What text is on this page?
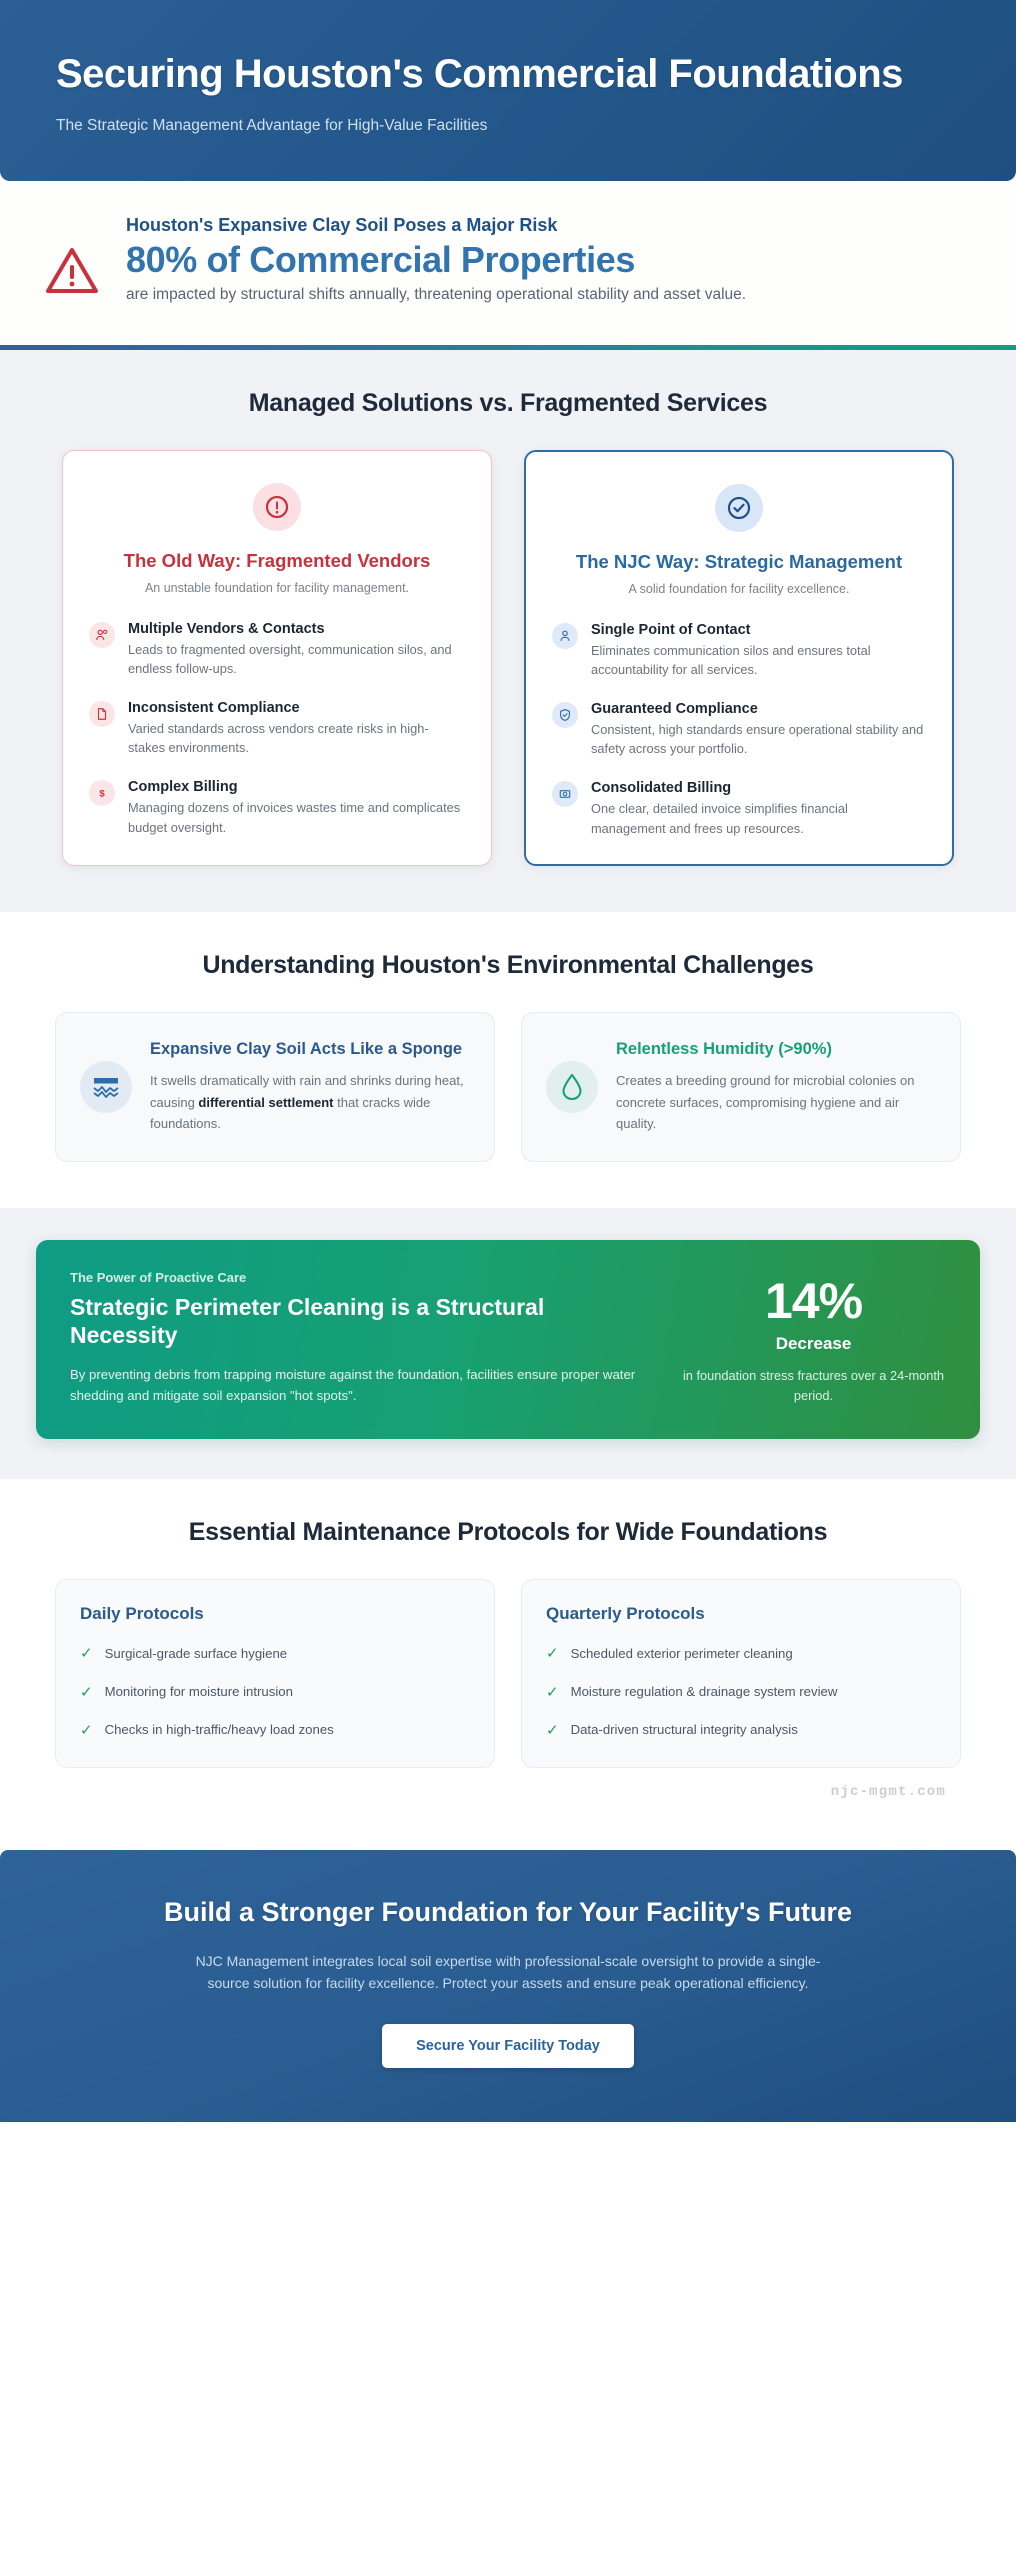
Securing Houston's Commercial Foundations
The Strategic Management Advantage for High-Value Facilities
Houston's Expansive Clay Soil Poses a Major Risk
80% of Commercial Properties
are impacted by structural shifts annually, threatening operational stability and asset value.
Managed Solutions vs. Fragmented Services
The Old Way: Fragmented Vendors
An unstable foundation for facility management.
Multiple Vendors & Contacts
Leads to fragmented oversight, communication silos, and endless follow-ups.
Inconsistent Compliance
Varied standards across vendors create risks in high-stakes environments.
$ Complex Billing
Managing dozens of invoices wastes time and complicates budget oversight.
The NJC Way: Strategic Management
A solid foundation for facility excellence.
Single Point of Contact
Eliminates communication silos and ensures total accountability for all services.
Guaranteed Compliance
Consistent, high standards ensure operational stability and safety across your portfolio.
Consolidated Billing
One clear, detailed invoice simplifies financial management and frees up resources.
Understanding Houston's Environmental Challenges
Expansive Clay Soil Acts Like a Sponge
It swells dramatically with rain and shrinks during heat, causing differential settlement that cracks wide foundations.
Relentless Humidity (>90%)
Creates a breeding ground for microbial colonies on concrete surfaces, compromising hygiene and air quality.
The Power of Proactive Care
Strategic Perimeter Cleaning is a Structural Necessity
By preventing debris from trapping moisture against the foundation, facilities ensure proper water shedding and mitigate soil expansion "hot spots".
14%
Decrease
in foundation stress fractures over a 24-month period.
Essential Maintenance Protocols for Wide Foundations
Daily Protocols
✓ Surgical-grade surface hygiene
✓ Monitoring for moisture intrusion
✓ Checks in high-traffic/heavy load zones
Quarterly Protocols
✓ Scheduled exterior perimeter cleaning
✓ Moisture regulation & drainage system review
✓ Data-driven structural integrity analysis
njc-mgmt.com
Build a Stronger Foundation for Your Facility's Future
NJC Management integrates local soil expertise with professional-scale oversight to provide a single-source solution for facility excellence. Protect your assets and ensure peak operational efficiency.
Secure Your Facility Today
